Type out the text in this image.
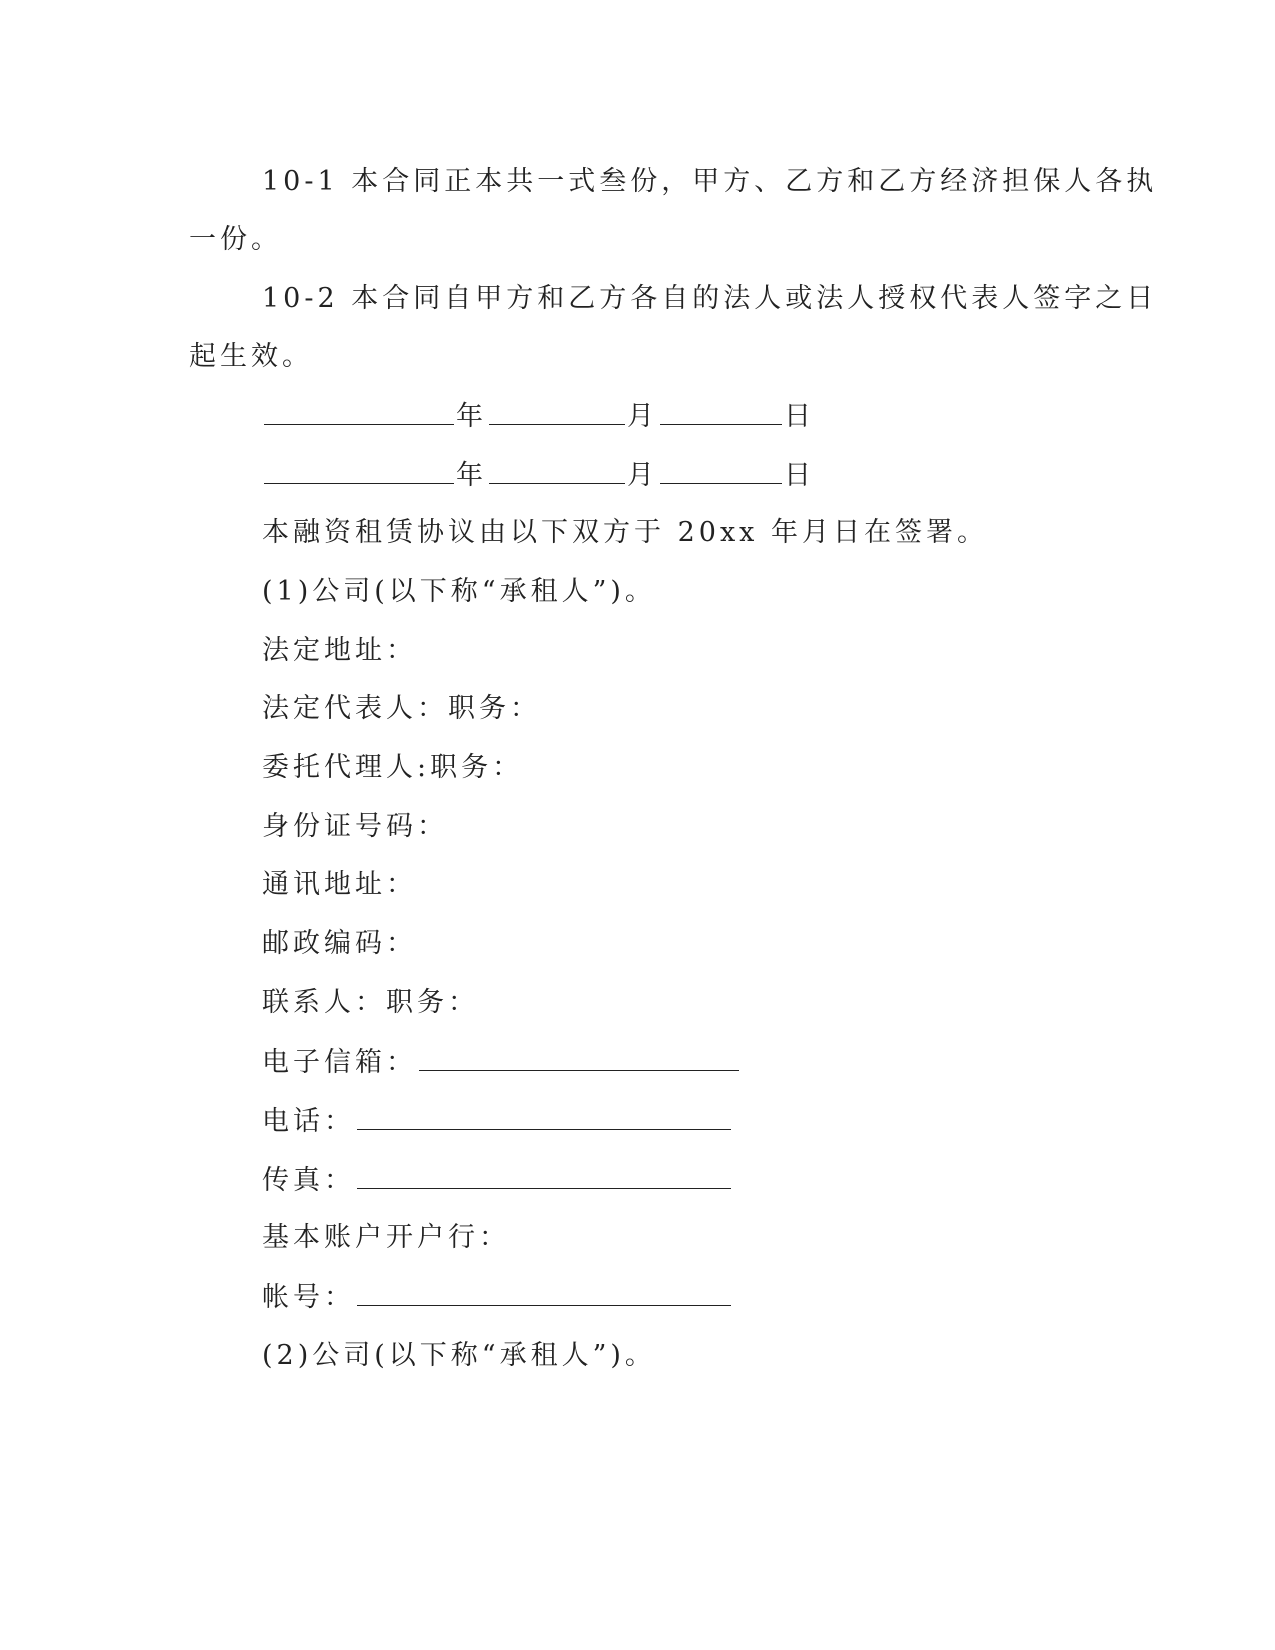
10-1 本合同正本共一式叁份，甲方、乙方和乙方经济担保人各执
一份。
10-2 本合同自甲方和乙方各自的法人或法人授权代表人签字之日
起生效。
年	月	日
年	月	日
本融资租赁协议由以下双方于 20xx 年月日在签署。
(1)公司(以下称“承租人”)。
法定地址：
法定代表人：职务：
委托代理人:职务：
身份证号码：
通讯地址：
邮政编码：
联系人：职务：
电子信箱：
电话：
传真：
基本账户开户行：
帐号：
(2)公司(以下称“承租人”)。
